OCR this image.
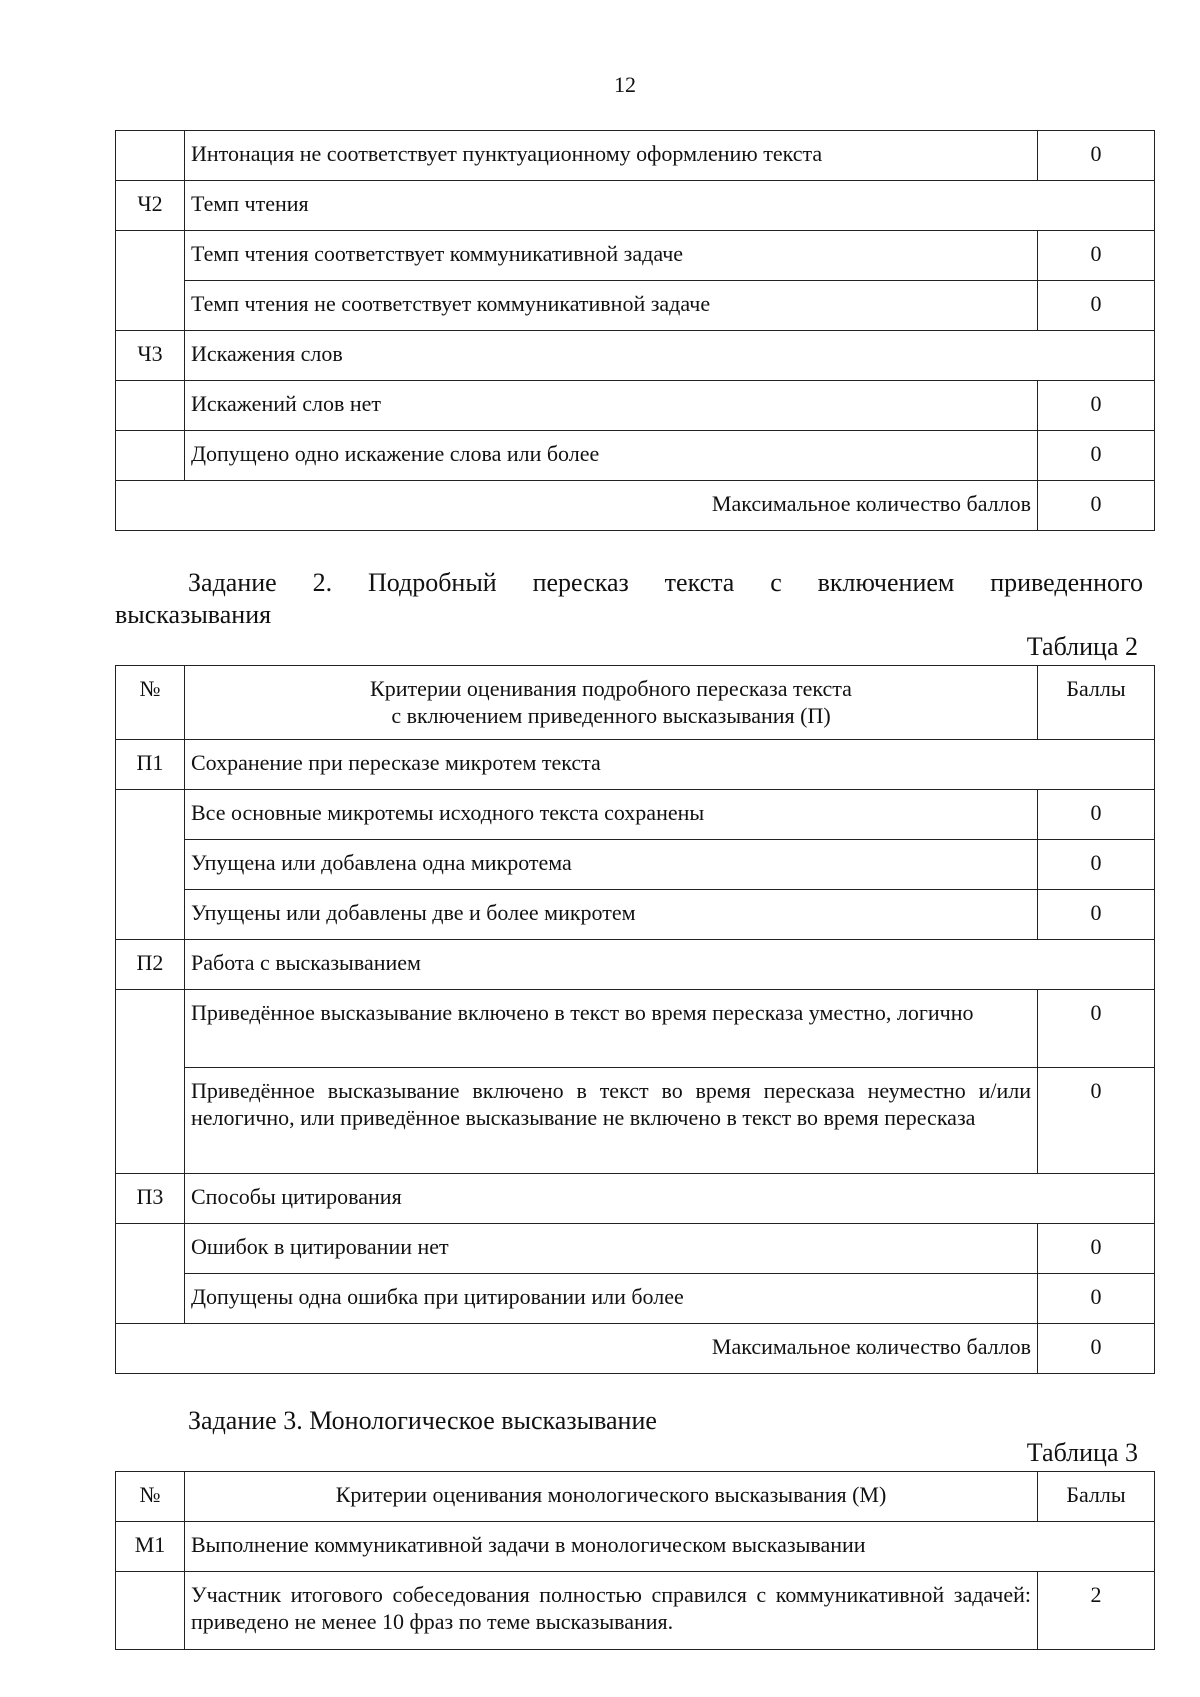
12
	Интонация не соответствует пунктуационному оформлению текста	0
Ч2	Темп чтения	
	Темп чтения соответствует коммуникативной задаче	0
	Темп чтения не соответствует коммуникативной задаче	0
Ч3	Искажения слов	
	Искажений слов нет	0
	Допущено одно искажение слова или более	0
Максимальное количество баллов		0
Задание 2. Подробный пересказ текста с включением приведенного
высказывания
Таблица 2
№	Критерии оценивания подробного пересказа текста
с включением приведенного высказывания (П)	Баллы
П1	Сохранение при пересказе микротем текста	
	Все основные микротемы исходного текста сохранены	0
	Упущена или добавлена одна микротема	0
	Упущены или добавлены две и более микротем	0
П2	Работа с высказыванием	
	Приведённое высказывание включено в текст во время пересказа уместно, логично	0
	Приведённое высказывание включено в текст во время пересказа неуместно и/или нелогично, или приведённое высказывание не включено в текст во время пересказа	0
П3	Способы цитирования	
	Ошибок в цитировании нет	0
	Допущены одна ошибка при цитировании или более	0
Максимальное количество баллов		0
Задание 3. Монологическое высказывание
Таблица 3
№	Критерии оценивания монологического высказывания (М)	Баллы
М1	Выполнение коммуникативной задачи в монологическом высказывании	
	Участник итогового собеседования полностью справился с коммуникативной задачей: приведено не менее 10 фраз по теме высказывания.	2
